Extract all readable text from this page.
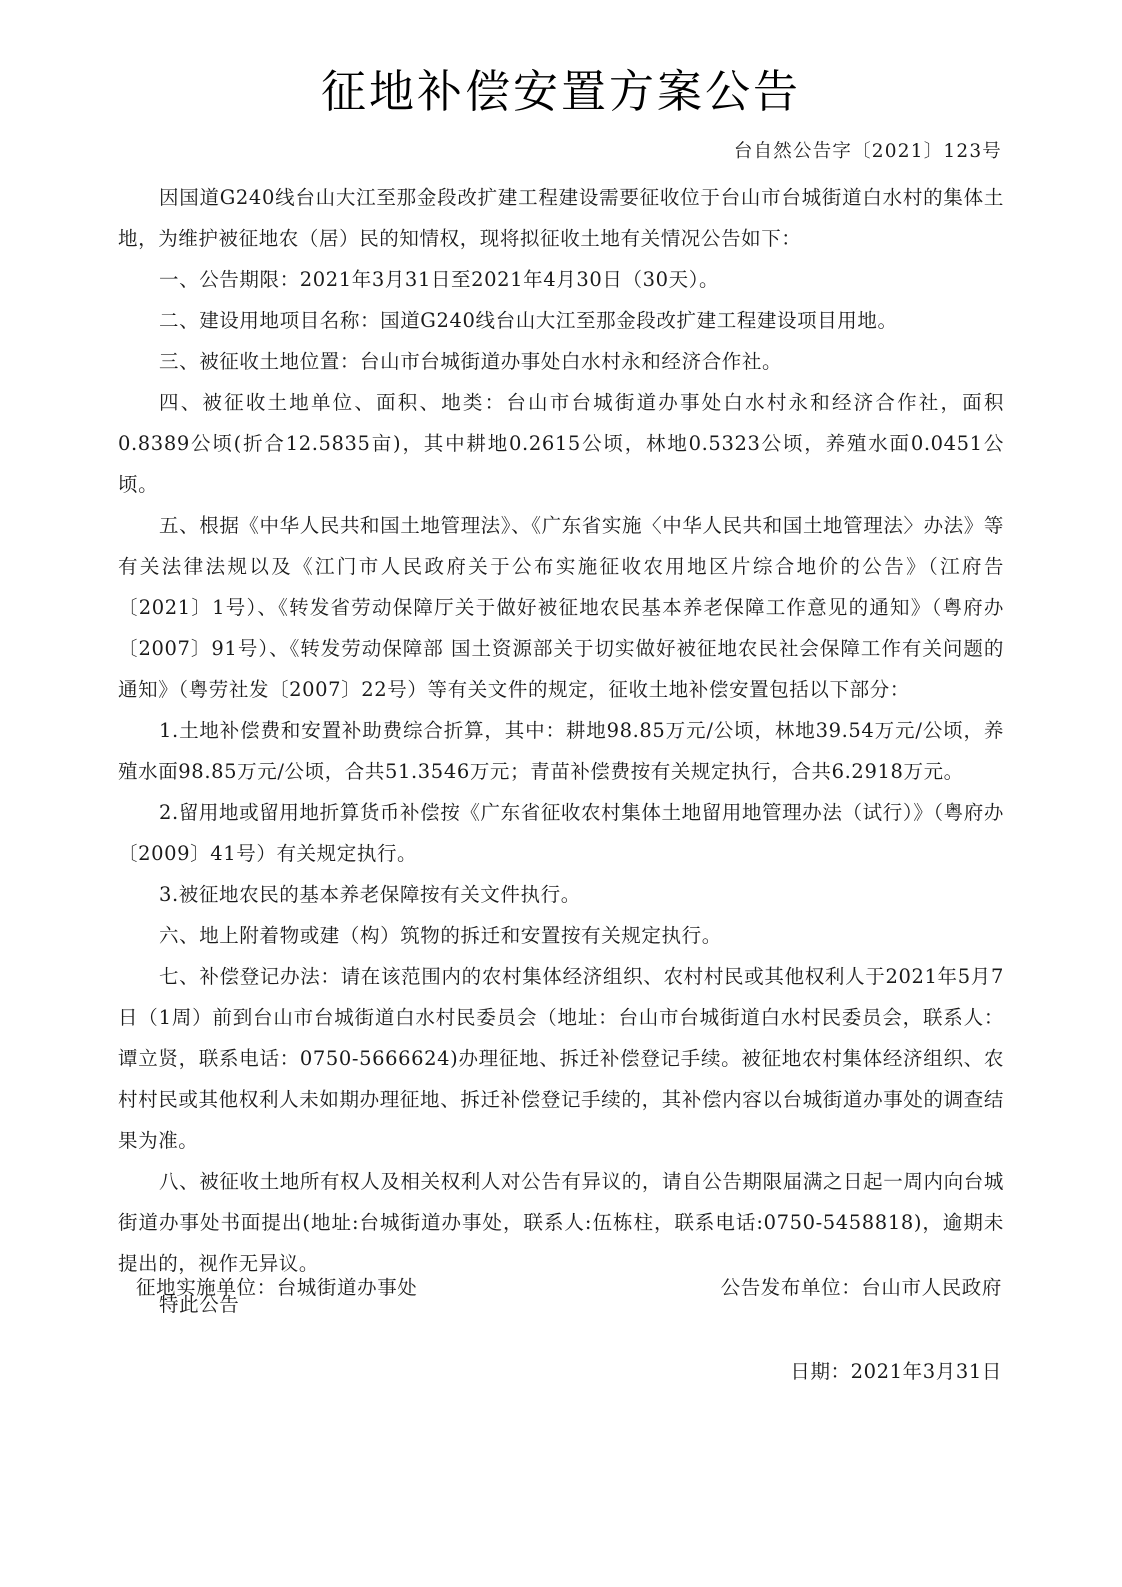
征地补偿安置方案公告
台自然公告字〔2021〕123号

因国道G240线台山大江至那金段改扩建工程建设需要征收位于台山市台城街道白水村的集体土地，为维护被征地农（居）民的知情权，现将拟征收土地有关情况公告如下：

一、公告期限：2021年3月31日至2021年4月30日（30天）。

二、建设用地项目名称：国道G240线台山大江至那金段改扩建工程建设项目用地。

三、被征收土地位置：台山市台城街道办事处白水村永和经济合作社。

四、被征收土地单位、面积、地类：台山市台城街道办事处白水村永和经济合作社，面积0.8389公顷(折合12.5835亩)，其中耕地0.2615公顷，林地0.5323公顷，养殖水面0.0451公顷。

五、根据《中华人民共和国土地管理法》、《广东省实施〈中华人民共和国土地管理法〉办法》等有关法律法规以及《江门市人民政府关于公布实施征收农用地区片综合地价的公告》（江府告〔2021〕1号）、《转发省劳动保障厅关于做好被征地农民基本养老保障工作意见的通知》（粤府办〔2007〕91号）、《转发劳动保障部 国土资源部关于切实做好被征地农民社会保障工作有关问题的通知》（粤劳社发〔2007〕22号）等有关文件的规定，征收土地补偿安置包括以下部分：

1.土地补偿费和安置补助费综合折算，其中：耕地98.85万元/公顷，林地39.54万元/公顷，养殖水面98.85万元/公顷，合共51.3546万元；青苗补偿费按有关规定执行，合共6.2918万元。

2.留用地或留用地折算货币补偿按《广东省征收农村集体土地留用地管理办法（试行）》（粤府办〔2009〕41号）有关规定执行。

3.被征地农民的基本养老保障按有关文件执行。

六、地上附着物或建（构）筑物的拆迁和安置按有关规定执行。

七、补偿登记办法：请在该范围内的农村集体经济组织、农村村民或其他权利人于2021年5月7日（1周）前到台山市台城街道白水村民委员会（地址：台山市台城街道白水村民委员会，联系人：谭立贤，联系电话：0750-5666624)办理征地、拆迁补偿登记手续。被征地农村集体经济组织、农村村民或其他权利人未如期办理征地、拆迁补偿登记手续的，其补偿内容以台城街道办事处的调查结果为准。

八、被征收土地所有权人及相关权利人对公告有异议的，请自公告期限届满之日起一周内向台城街道办事处书面提出(地址:台城街道办事处，联系人:伍栋柱，联系电话:0750-5458818)，逾期未提出的，视作无异议。

特此公告

征地实施单位：台城街道办事处	公告发布单位：台山市人民政府
日期：2021年3月31日
